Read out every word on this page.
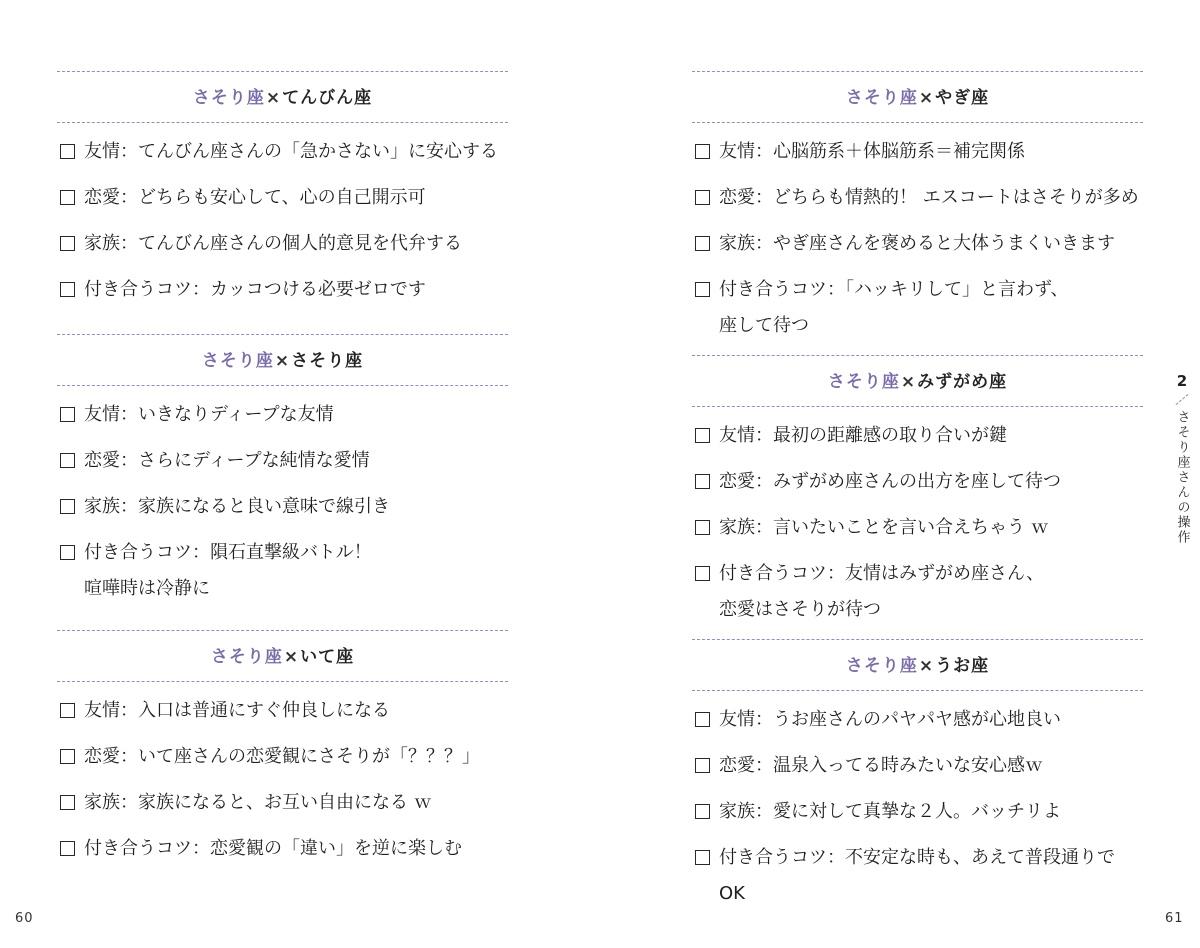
さそり座×てんびん座
友情：てんびん座さんの「急かさない」に安心する
恋愛：どちらも安心して、心の自己開示可
家族：てんびん座さんの個人的意見を代弁する
付き合うコツ：カッコつける必要ゼロです
さそり座×さそり座
友情：いきなりディープな友情
恋愛：さらにディープな純情な愛情
家族：家族になると良い意味で線引き
付き合うコツ：隕石直撃級バトル！
喧嘩時は冷静に
さそり座×いて座
友情：入口は普通にすぐ仲良しになる
恋愛：いて座さんの恋愛観にさそりが「？？？」
家族：家族になると、お互い自由になる ｗ
付き合うコツ：恋愛観の「違い」を逆に楽しむ
60
さそり座×やぎ座
友情：心脳筋系＋体脳筋系＝補完関係
恋愛：どちらも情熱的！ エスコートはさそりが多め
家族：やぎ座さんを褒めると大体うまくいきます
付き合うコツ：「ハッキリして」と言わず、
座して待つ
さそり座×みずがめ座
友情：最初の距離感の取り合いが鍵
恋愛：みずがめ座さんの出方を座して待つ
家族：言いたいことを言い合えちゃう ｗ
付き合うコツ：友情はみずがめ座さん、
恋愛はさそりが待つ
さそり座×うお座
友情：うお座さんのパヤパヤ感が心地良い
恋愛：温泉入ってる時みたいな安心感ｗ
家族：愛に対して真摯な２人。バッチリよ
付き合うコツ：不安定な時も、あえて普段通りで OK
61
2
さそり座さんの操作
